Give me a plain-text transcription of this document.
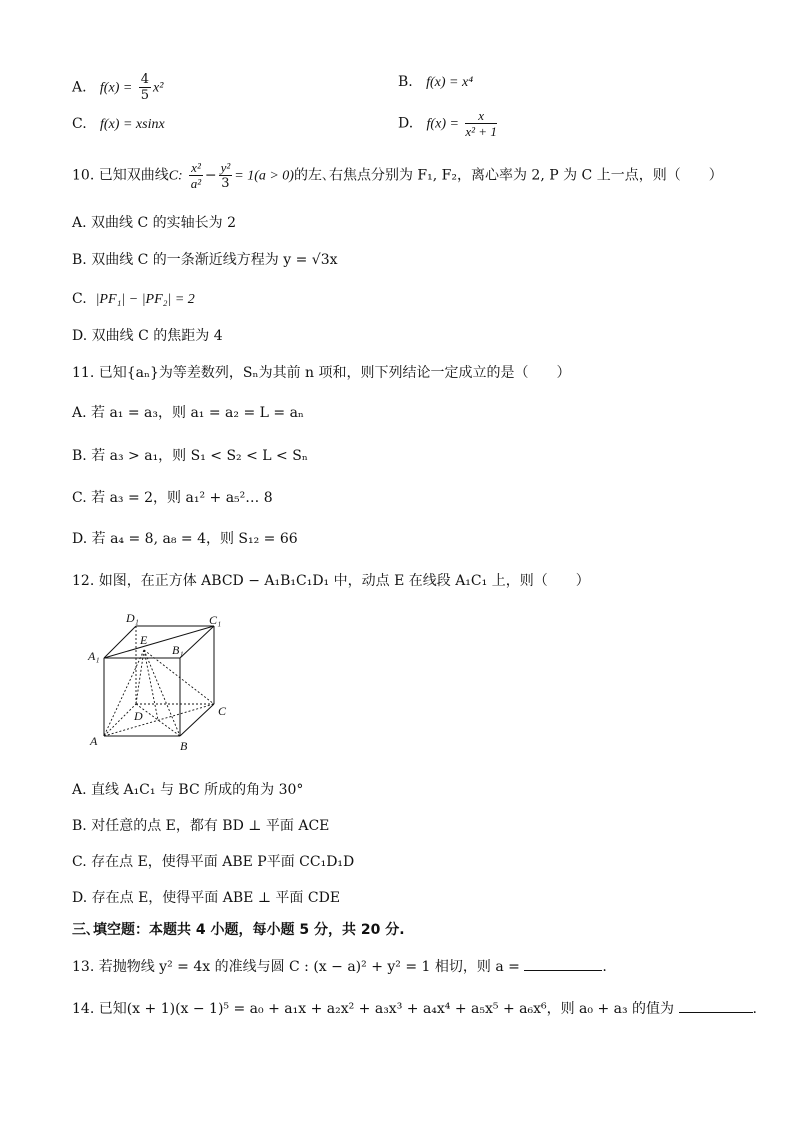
A. $f(x) = \frac{4}{5} x^2$	B. f(x) = x⁴
C. f(x) = xsinx	D. $f(x) = \frac{x}{\text{x² + 1}}$
10. 已知双曲线C: $\frac{\text{x²}}{\text{a²}} - \frac{\text{y²}}{3} = 1(a > 0)$的左､右焦点分别为 F₁, F₂，离心率为 2, P 为 C 上一点，则（　　）
A. 双曲线 C 的实轴长为 2
B. 双曲线 C 的一条渐近线方程为 y = √3x
C. |PF₁| − |PF₂| = 2
D. 双曲线 C 的焦距为 4
11. 已知{aₙ}为等差数列，Sₙ为其前 n 项和，则下列结论一定成立的是（　　）
A. 若 a₁ = a₃，则 a₁ = a₂ = L = aₙ
B. 若 a₃ > a₁，则 S₁ < S₂ < L < Sₙ
C. 若 a₃ = 2，则 a₁² + a₅²… 8
D. 若 a₄ = 8, a₈ = 4，则 S₁₂ = 66
12. 如图，在正方体 ABCD − A₁B₁C₁D₁ 中，动点 E 在线段 A₁C₁ 上，则（　　）
D₁	C₁
A₁	B₁
E
D	C
A	B
A. 直线 A₁C₁ 与 BC 所成的角为 30°
B. 对任意的点 E，都有 BD ⊥ 平面 ACE
C. 存在点 E，使得平面 ABE P平面 CC₁D₁D
D. 存在点 E，使得平面 ABE ⊥ 平面 CDE
三､填空题：本题共 4 小题，每小题 5 分，共 20 分.
13. 若抛物线 y² = 4x 的准线与圆 C : (x − a)² + y² = 1 相切，则 a =	.
14. 已知(x + 1)(x − 1)⁵ = a₀ + a₁x + a₂x² + a₃x³ + a₄x⁴ + a₅x⁵ + a₆x⁶，则 a₀ + a₃ 的值为	.
